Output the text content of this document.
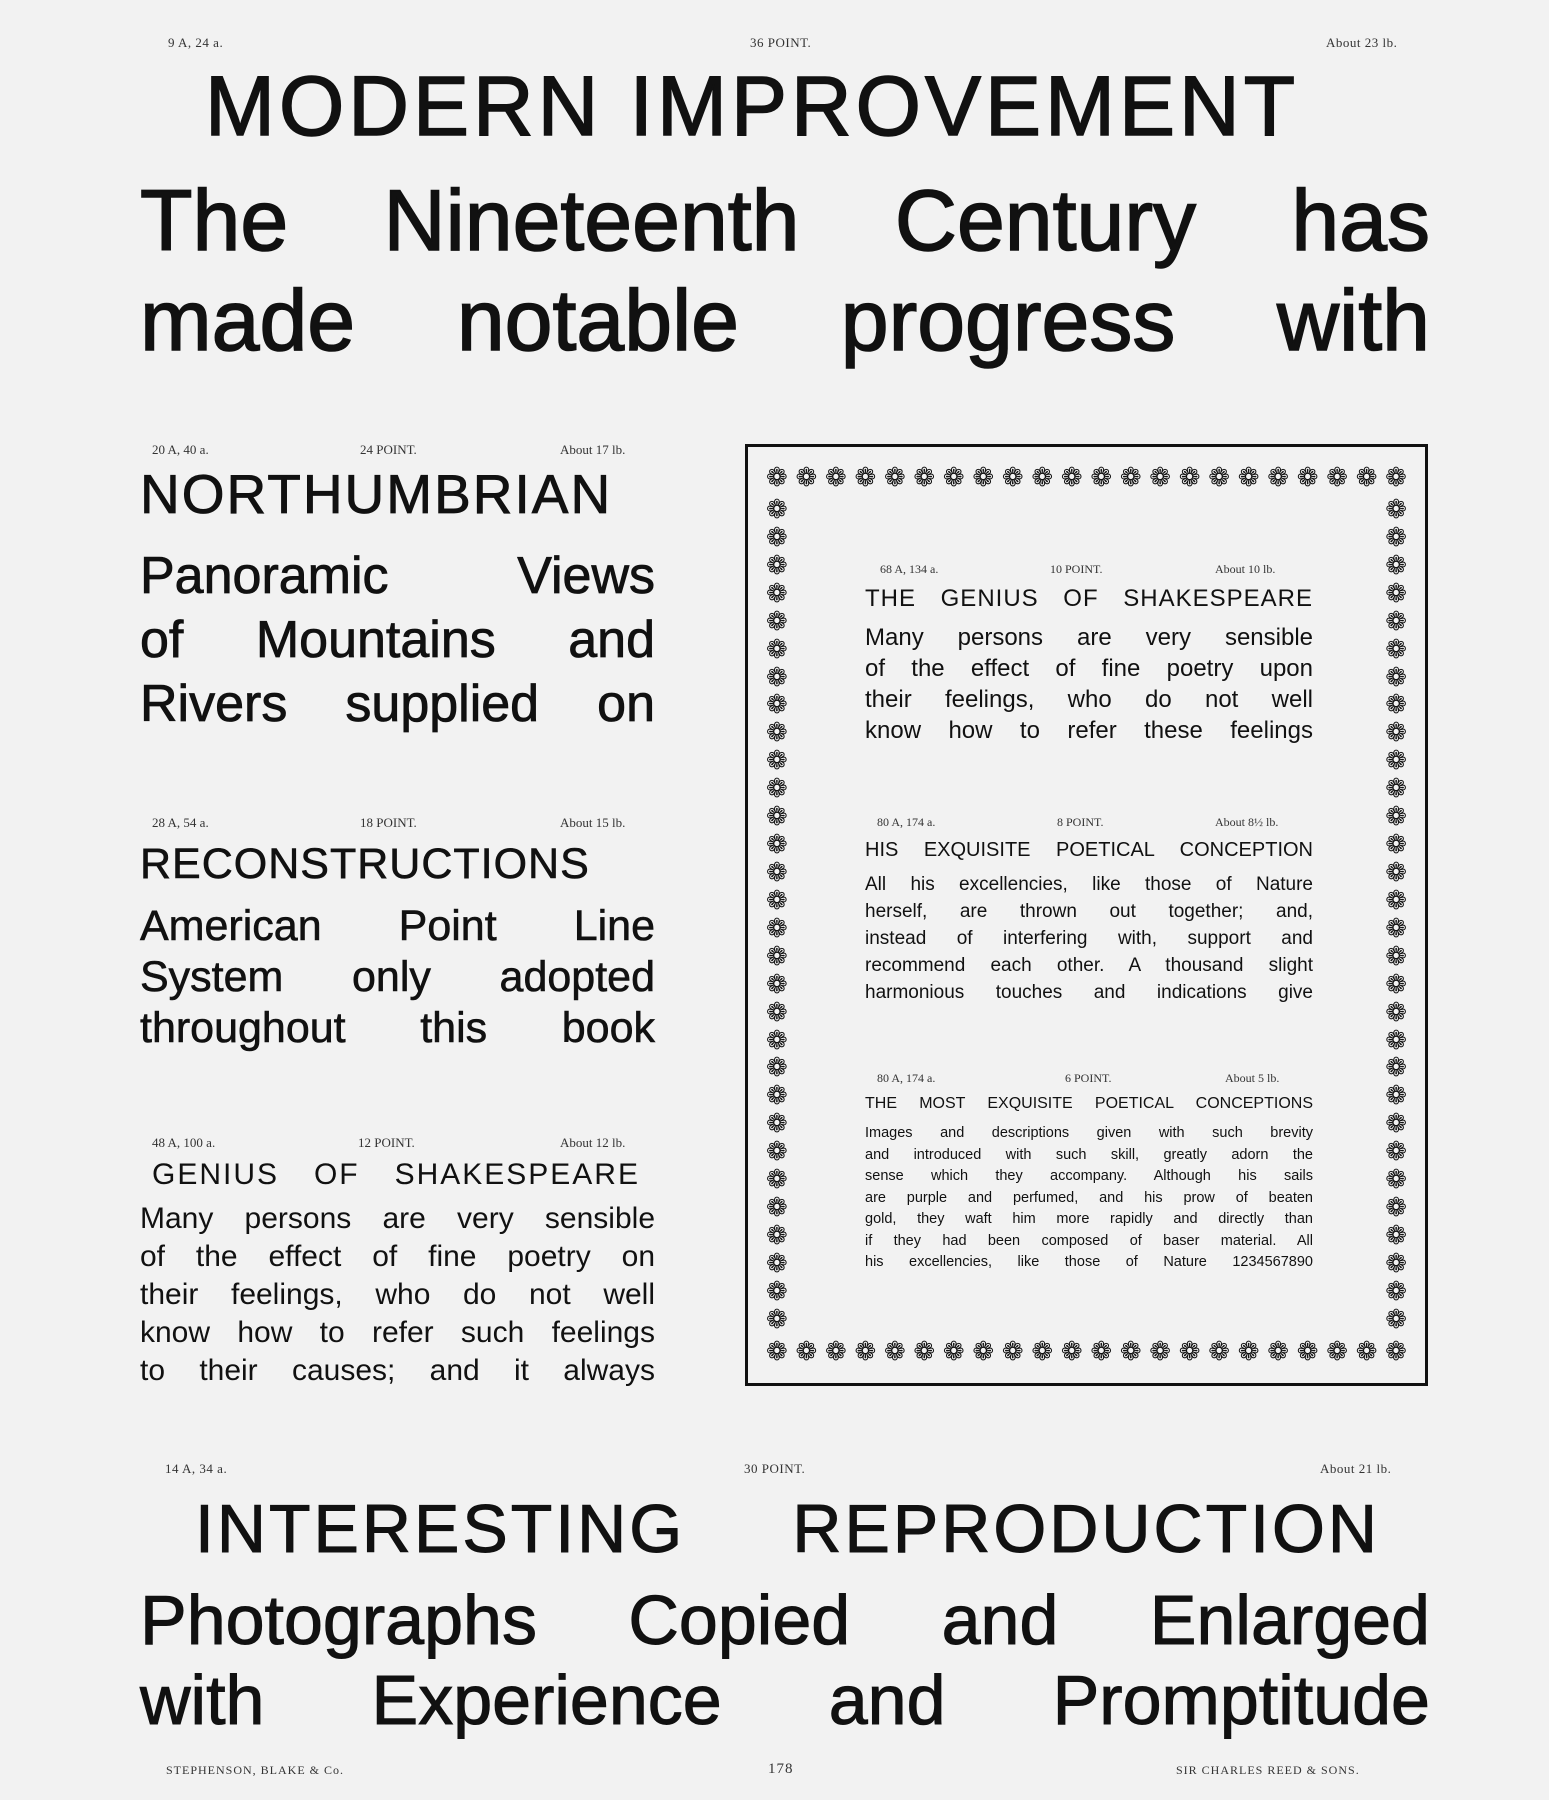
9 A, 24 a.	36 POINT.	About 23 lb.
MODERN IMPROVEMENT
The Nineteenth Century has
made notable progress with
20 A, 40 a.	24 POINT.	About 17 lb.
NORTHUMBRIAN
Panoramic Views
of Mountains and
Rivers supplied on
28 A, 54 a.	18 POINT.	About 15 lb.
RECONSTRUCTIONS
American Point Line
System only adopted
throughout this book
48 A, 100 a.	12 POINT.	About 12 lb.
GENIUS OF SHAKESPEARE
Many persons are very sensible
of the effect of fine poetry on
their feelings, who do not well
know how to refer such feelings
to their causes; and it always
❁ ❁ ❁ ❁ ❁ ❁ ❁ ❁ ❁ ❁ ❁ ❁ ❁ ❁ ❁ ❁ ❁ ❁ ❁ ❁ ❁ ❁
❁ ❁ ❁ ❁ ❁ ❁ ❁ ❁ ❁ ❁ ❁ ❁ ❁ ❁ ❁ ❁ ❁ ❁ ❁ ❁ ❁ ❁
❁
❁
❁
❁
❁
❁
❁
❁
❁
❁
❁
❁
❁
❁
❁
❁
❁
❁
❁
❁
❁
❁
❁
❁
❁
❁
❁
❁
❁
❁
❁
❁
❁
❁
❁
❁
❁
❁
❁
❁
❁
❁
❁
❁
❁
❁
❁
❁
❁
❁
❁
❁
❁
❁
❁
❁
❁
❁
❁
❁
68 A, 134 a.	10 POINT.	About 10 lb.
THE GENIUS OF SHAKESPEARE
Many persons are very sensible
of the effect of fine poetry upon
their feelings, who do not well
know how to refer these feelings
80 A, 174 a.	8 POINT.	About 8½ lb.
HIS EXQUISITE POETICAL CONCEPTION
All his excellencies, like those of Nature
herself, are thrown out together; and,
instead of interfering with, support and
recommend each other. A thousand slight
harmonious touches and indications give
80 A, 174 a.	6 POINT.	About 5 lb.
THE MOST EXQUISITE POETICAL CONCEPTIONS
Images and descriptions given with such brevity
and introduced with such skill, greatly adorn the
sense which they accompany. Although his sails
are purple and perfumed, and his prow of beaten
gold, they waft him more rapidly and directly than
if they had been composed of baser material. All
his excellencies, like those of Nature 1234567890
14 A, 34 a.	30 POINT.	About 21 lb.
INTERESTING REPRODUCTION
Photographs Copied and Enlarged
with Experience and Promptitude
STEPHENSON, BLAKE & Co.	178	SIR CHARLES REED & SONS.
